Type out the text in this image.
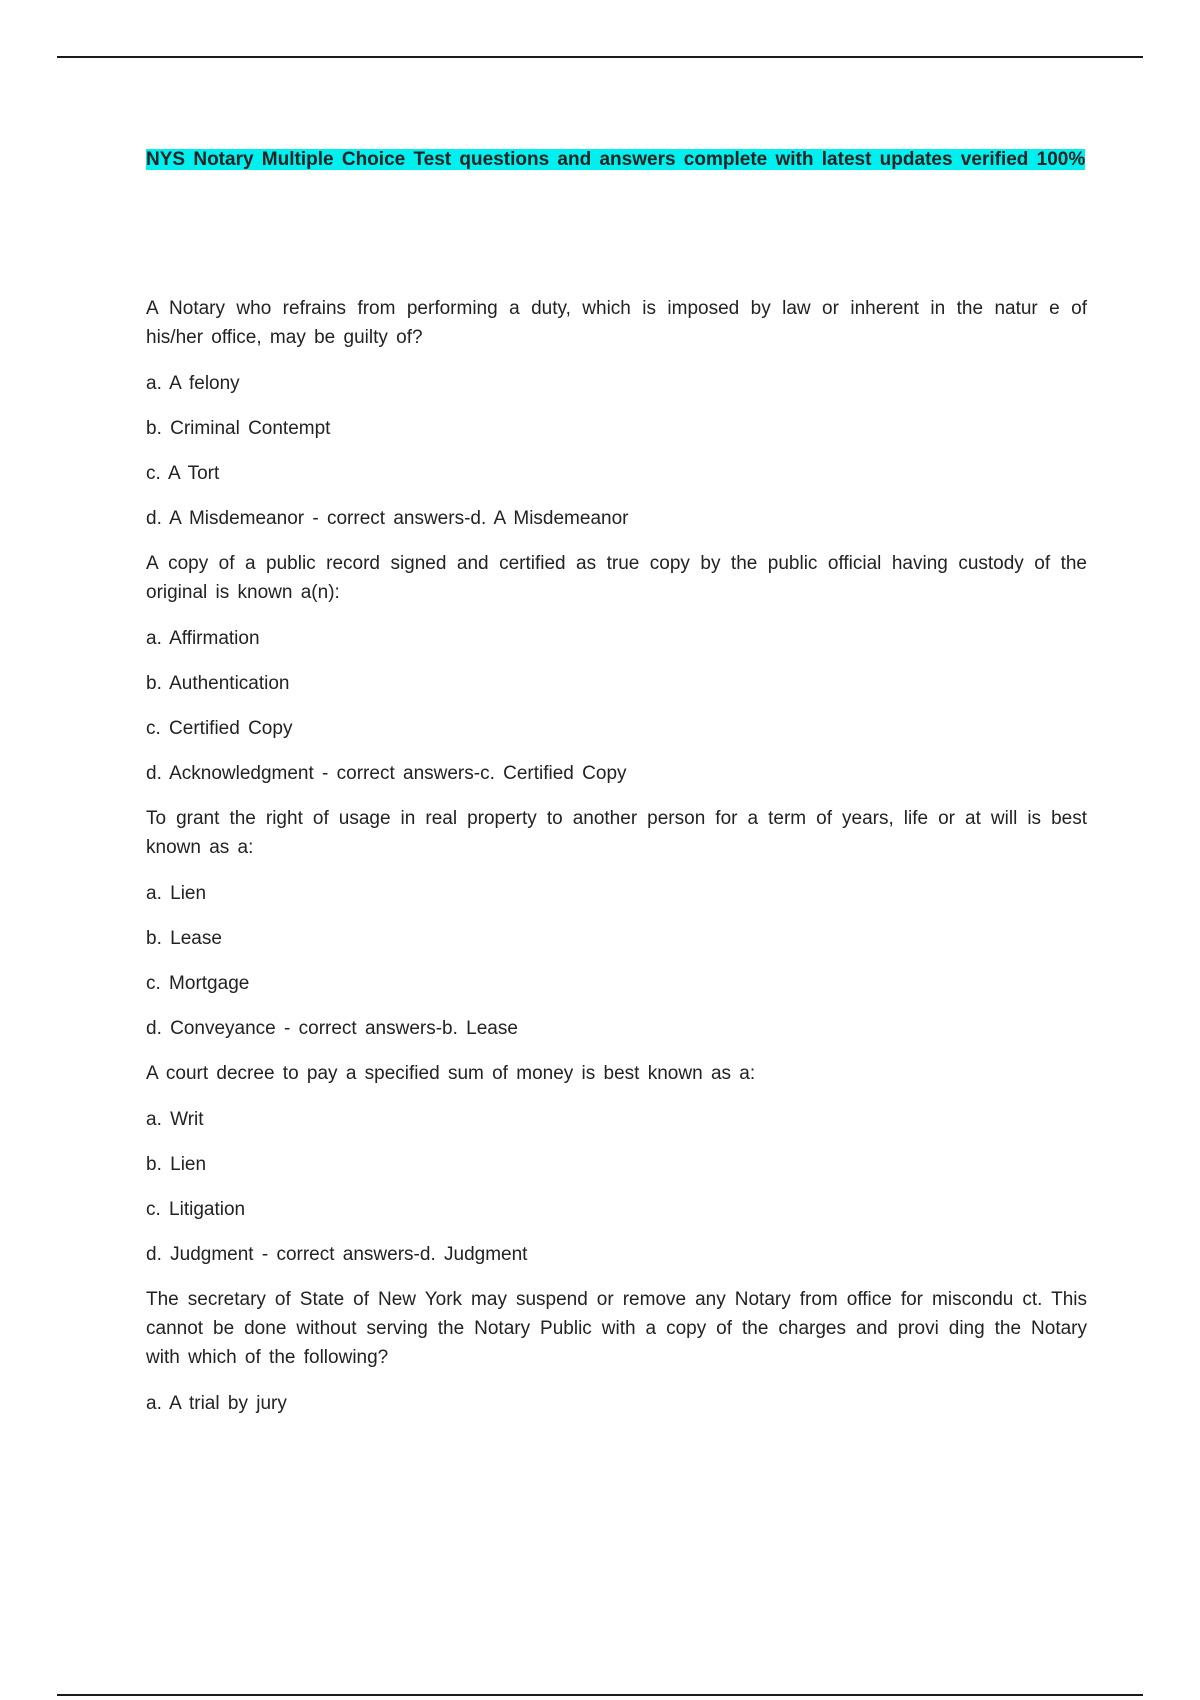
NYS Notary Multiple Choice Test questions and answers complete with latest updates verified 100%

A Notary who refrains from performing a duty, which is imposed by law or inherent in the natur e of his/her office, may be guilty of?

a. A felony
b. Criminal Contempt
c. A Tort
d. A Misdemeanor - correct answers-d. A Misdemeanor

A copy of a public record signed and certified as true copy by the public official having custody of the original is known a(n):

a. Affirmation
b. Authentication
c. Certified Copy
d. Acknowledgment - correct answers-c. Certified Copy

To grant the right of usage in real property to another person for a term of years, life or at will is best known as a:

a. Lien
b. Lease
c. Mortgage
d. Conveyance - correct answers-b. Lease

A court decree to pay a specified sum of money is best known as a:

a. Writ
b. Lien
c. Litigation
d. Judgment - correct answers-d. Judgment

The secretary of State of New York may suspend or remove any Notary from office for miscondu ct. This cannot be done without serving the Notary Public with a copy of the charges and provi ding the Notary with which of the following?

a. A trial by jury
